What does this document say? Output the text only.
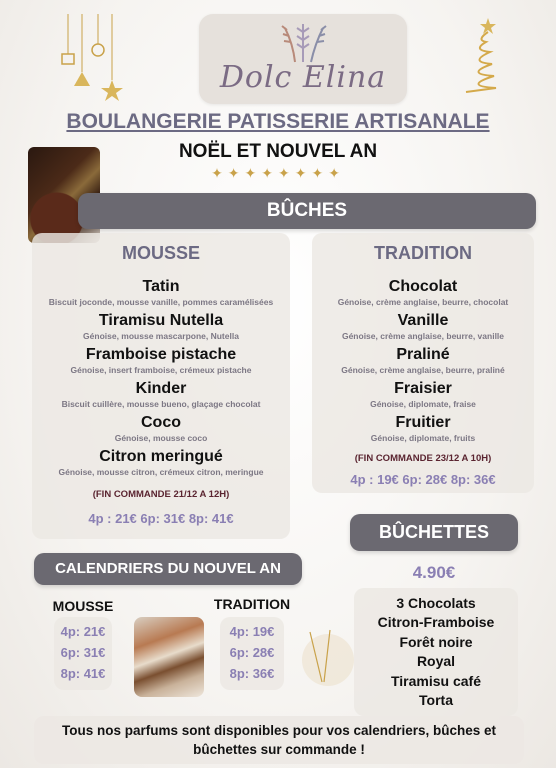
Dolc Elina
BOULANGERIE PATISSERIE ARTISANALE
NOËL ET NOUVEL AN
✦✦✦✦✦✦✦✦
BÛCHES
MOUSSE
Tatin
Biscuit joconde, mousse vanille, pommes caramélisées
Tiramisu Nutella
Génoise, mousse mascarpone, Nutella
Framboise pistache
Génoise, insert framboise, crémeux pistache
Kinder
Biscuit cuillère, mousse bueno, glaçage chocolat
Coco
Génoise, mousse coco
Citron meringué
Génoise, mousse citron, crémeux citron, meringue
(FIN COMMANDE 21/12 A 12H)
4p : 21€ 6p: 31€ 8p: 41€
TRADITION
Chocolat
Génoise, crème anglaise, beurre, chocolat
Vanille
Génoise, crème anglaise, beurre, vanille
Praliné
Génoise, crème anglaise, beurre, praliné
Fraisier
Génoise, diplomate, fraise
Fruitier
Génoise, diplomate, fruits
(FIN COMMANDE 23/12 A 10H)
4p : 19€ 6p: 28€ 8p: 36€
BÛCHETTES
4.90€
3 Chocolats
Citron-Framboise
Forêt noire
Royal
Tiramisu café
Torta
CALENDRIERS DU NOUVEL AN
MOUSSE	TRADITION
4p: 21€
6p: 31€
8p: 41€
4p: 19€
6p: 28€
8p: 36€
Tous nos parfums sont disponibles pour vos calendriers, bûches et
bûchettes sur commande !
